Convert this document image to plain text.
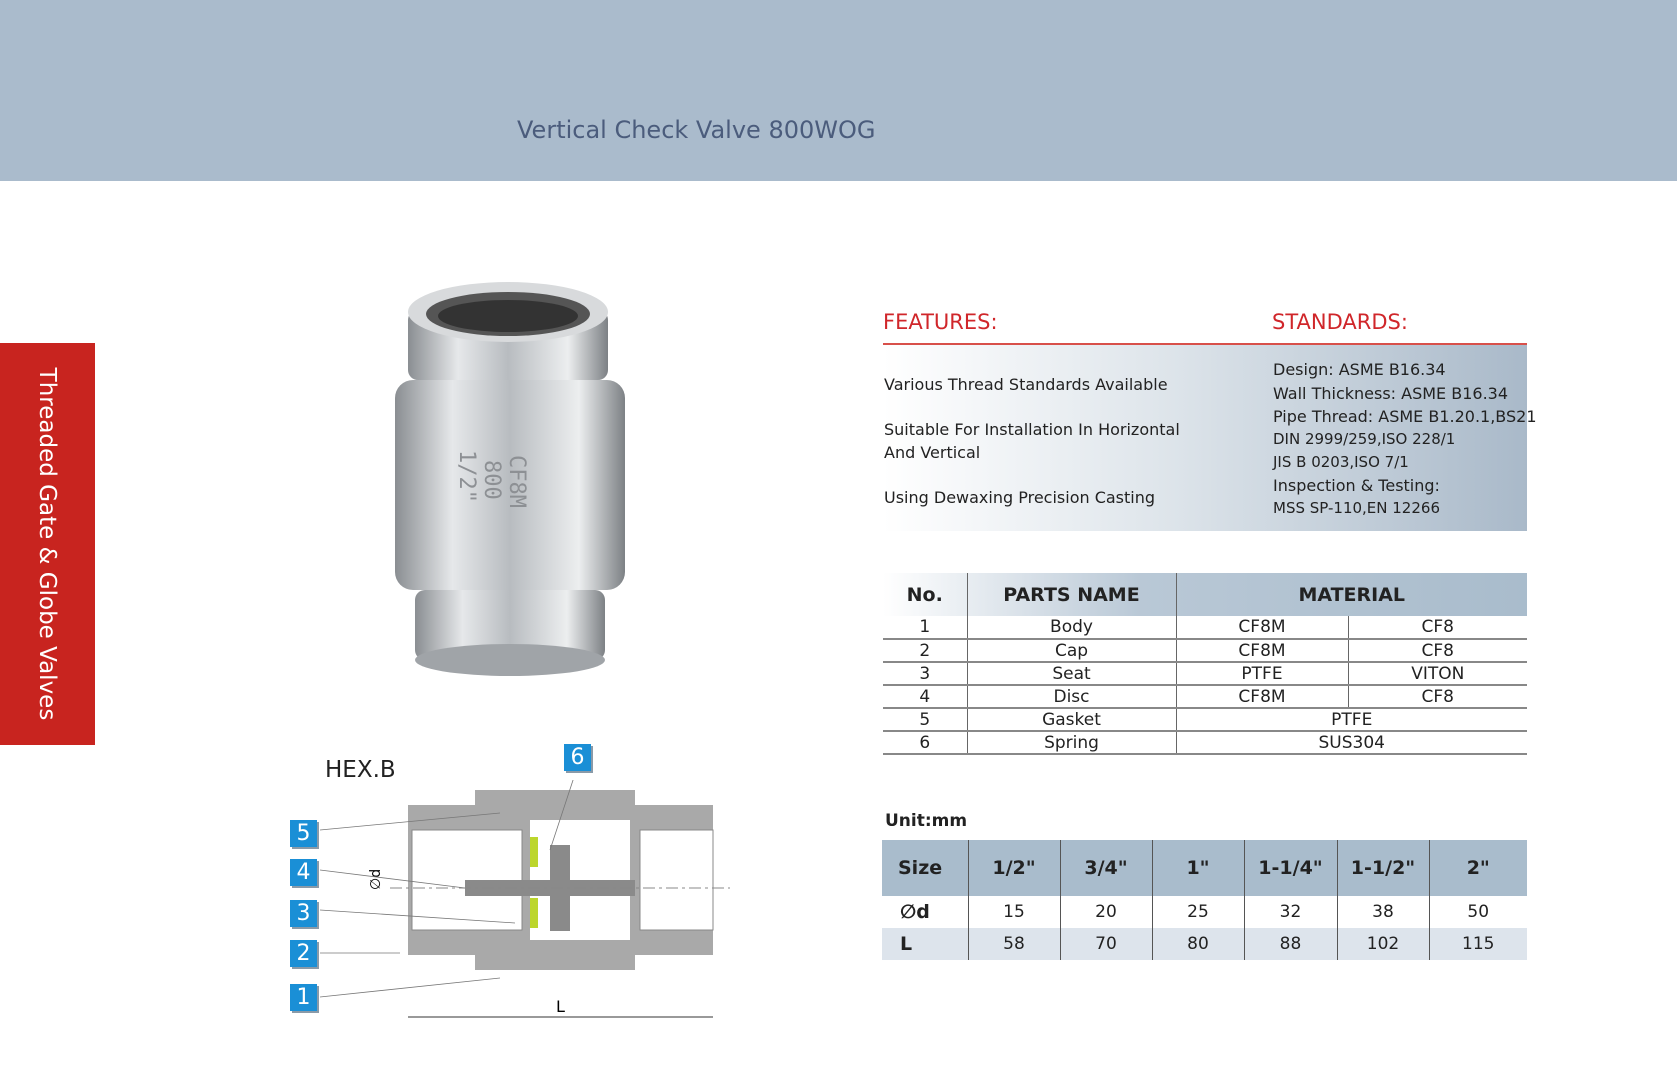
Vertical Check Valve 800WOG
Threaded Gate & Globe Valves	1/2" 800 CF8M
HEX.B
L
∅d
1
2
3
4
5
6
FEATURES:	STANDARDS:
Various Thread Standards Available
Suitable For Installation In Horizontal
And Vertical
Using Dewaxing Precision Casting
Design: ASME B16.34
Wall Thickness: ASME B16.34
Pipe Thread: ASME B1.20.1,BS21
DIN 2999/259,ISO 228/1
JIS B 0203,ISO 7/1
Inspection & Testing:
MSS SP-110,EN 12266
No.	PARTS NAME	MATERIAL	
1	Body	CF8M	CF8
2	Cap	CF8M	CF8
3	Seat	PTFE	VITON
4	Disc	CF8M	CF8
5	Gasket	PTFE	
6	Spring	SUS304	
Unit:mm
Size	1/2"	3/4"	1"	1-1/4"	1-1/2"	2"
∅d	15	20	25	32	38	50
L	58	70	80	88	102	115
